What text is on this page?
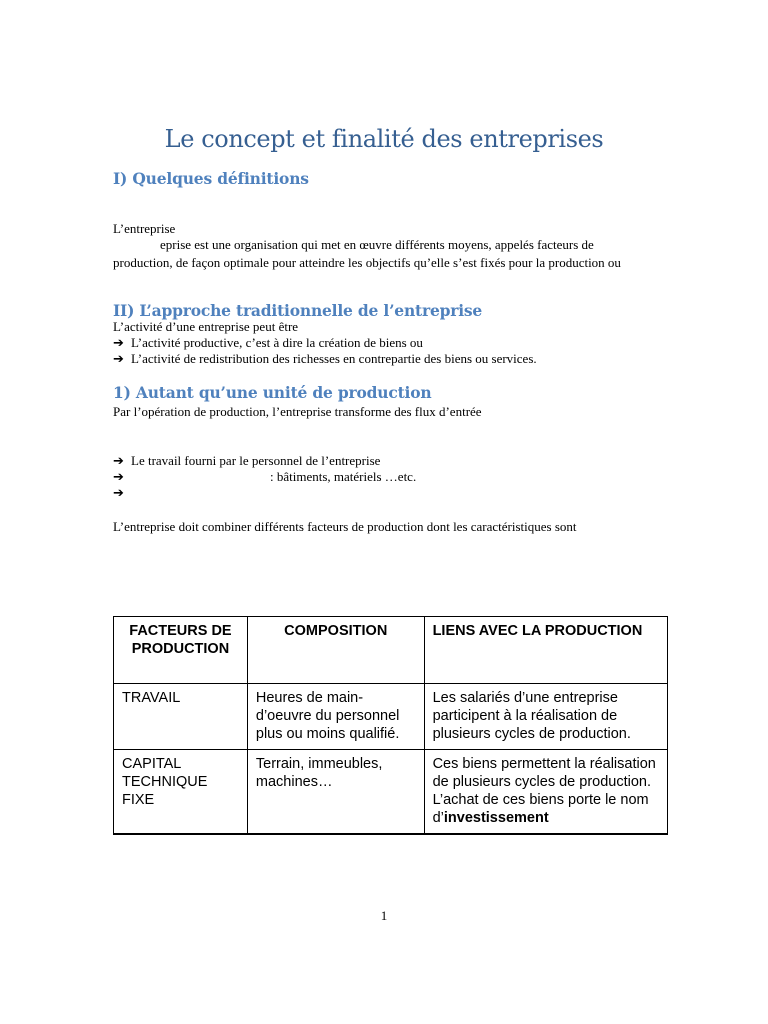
Le concept et finalité des entreprises
I) Quelques définitions
L’entreprise
eprise est une organisation qui met en œuvre différents moyens, appelés facteurs de
production, de façon optimale pour atteindre les objectifs qu’elle s’est fixés pour la production ou
II) L’approche traditionnelle de l’entreprise
L’activité d’une entreprise peut être
➔ L’activité productive, c’est à dire la création de biens ou
➔ L’activité de redistribution des richesses en contrepartie des biens ou services.
1) Autant qu’une unité de production
Par l’opération de production, l’entreprise transforme des flux d’entrée
➔ Le travail fourni par le personnel de l’entreprise
➔	: bâtiments, matériels …etc.
➔
L’entreprise doit combiner différents facteurs de production dont les caractéristiques sont
FACTEURS DE PRODUCTION	COMPOSITION	LIENS AVEC LA PRODUCTION
TRAVAIL	Heures de main-d’oeuvre du personnel plus ou moins qualifié.	Les salariés d’une entreprise participent à la réalisation de plusieurs cycles de production.
CAPITAL TECHNIQUE FIXE	Terrain, immeubles, machines…	Ces biens permettent la réalisation
de plusieurs cycles de production.
L’achat de ces biens porte le nom
d’investissement
1
